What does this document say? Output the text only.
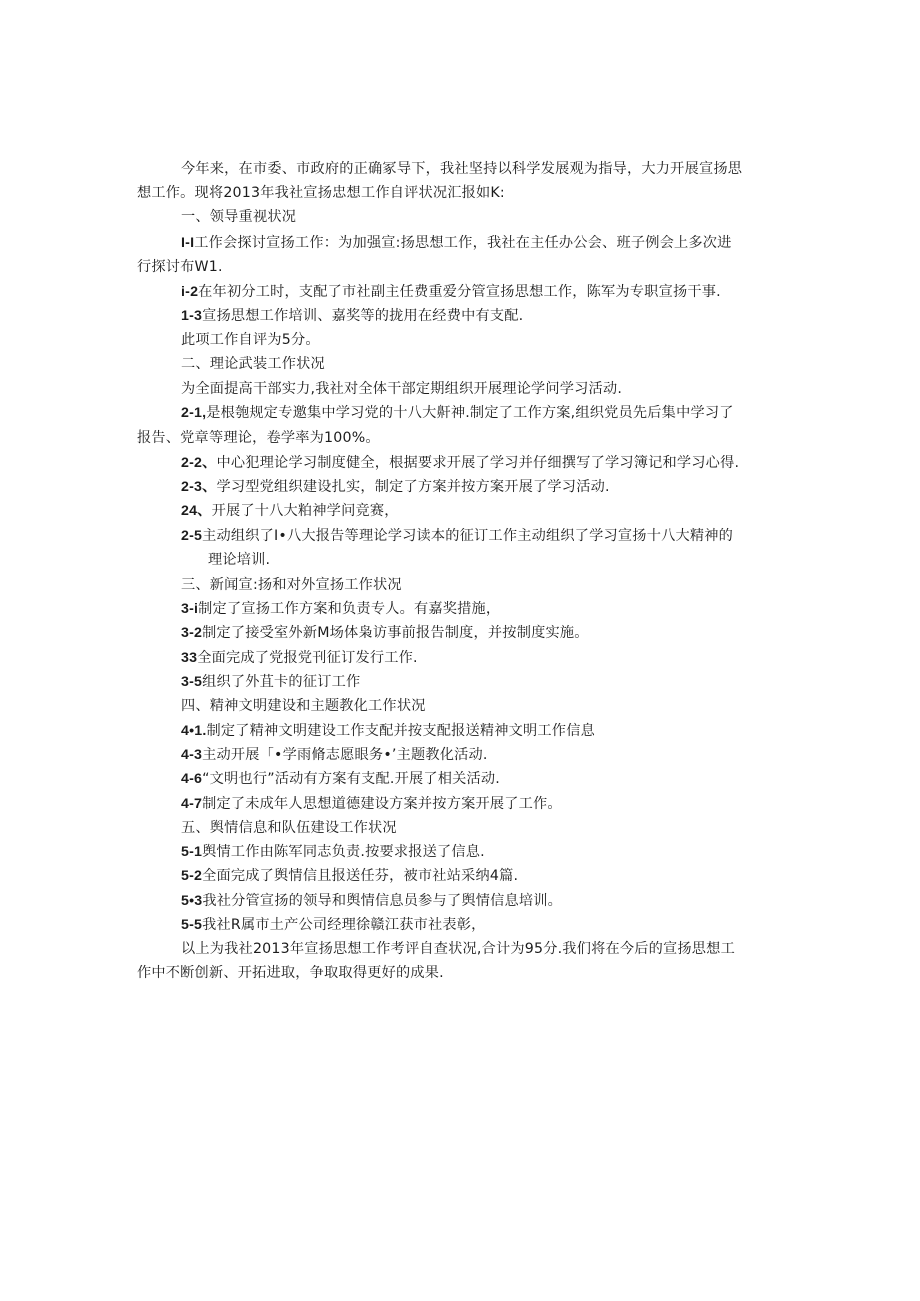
今年来，在市委、市政府的正确冢导下，我社坚持以科学发展观为指导，大力开展宣扬思

想工作。现将2013年我社宣扬忠想工作自评状况汇报如K:

一、领导重视状况

I-I工作会探讨宣扬工作：为加强宣:扬思想工作，我社在主任办公会、班子例会上多次进

行探讨布W1.

i-2在年初分工时，支配了市社副主任费重爱分管宣扬思想工作，陈军为专职宣扬干事.

1-3宣扬思想工作培训、嘉奖等的拢用在经费中有支配.

此项工作自评为5分。

二、理论武装工作状况

为全面提高干部实力,我社对全体干部定期组织开展理论学问学习活动.

2-1,是根匏规定专邀集中学习党的十八大鼾神.制定了工作方案,组织党员先后集中学习了

报告、党章等理论，卷学率为100%。

2-2、中心犯理论学习制度健全，根据要求开展了学习并仔细撰写了学习簿记和学习心得.

2-3、学习型党组织建设扎实，制定了方案并按方案开展了学习活动.

24、开展了十八大粕神学问竞赛，

2-5主动组织了I•八大报告等理论学习读本的征订工作主动组织了学习宣扬十八大精神的

理论培训.

三、新闻宣:扬和对外宣扬工作状况

3-i制定了宣扬工作方案和负责专人。有嘉奖措施，

3-2制定了接受室外新M场体枭访事前报告制度，并按制度实施。

33全面完成了党报党刊征订发行工作.

3-5组织了外苴卡的征订工作

四、精神文明建设和主题教化工作状况

4•1.制定了精神文明建设工作支配并按支配报送精神文明工作信息

4-3主动开展「•学雨脩志愿眼务•’主题教化活动.

4-6“文明也行”活动有方案有支配.开展了相关活动.

4-7制定了未成年人思想道德建设方案并按方案开展了工作。

五、舆情信息和队伍建设工作状况

5-1舆情工作由陈军同志负责.按要求报送了信息.

5-2全面完成了舆情信且报送任芬，被市社站采纳4篇.

5•3我社分管宣扬的领导和舆情信息员参与了舆情信息培训。

5-5我社R属市土产公司经理徐赣江获市社表彰，

以上为我社2013年宣扬思想工作考评自查状况,合计为95分.我们将在今后的宣扬思想工

作中不断创新、开拓进取，争取取得更好的成果.
